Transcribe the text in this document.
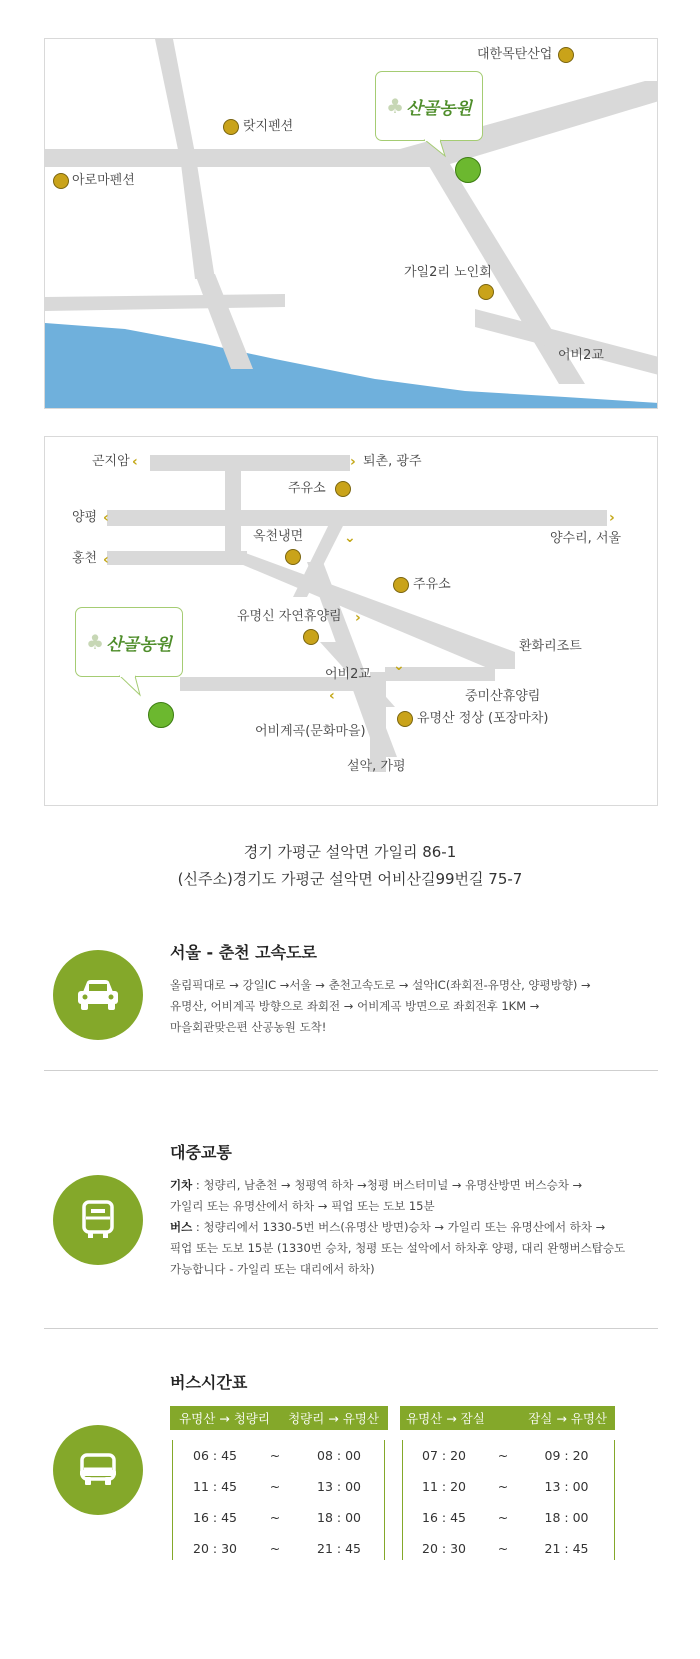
대한목탄산업
랏지펜션
아로마펜션
가일2리 노인회
어비2교
♣ 산골농원
곤지암 ‹	› 퇴촌, 광주
주유소
양평 ‹	›
양수리, 서울
옥천냉면	⌄
홍천 ‹
주유소
유명신 자연휴양림 ›
환화리조트
어비2교
⌄
중미산휴양림
‹
유명산 정상 (포장마차)
어비계곡(문화마을)
설악, 가평
♣ 산골농원
경기 가평군 설악면 가일리 86-1
(신주소)경기도 가평군 설악면 어비산길99번길 75-7
서울 - 춘천 고속도로
올림픽대로 → 강일IC →서울 → 춘천고속도로 → 설악IC(좌회전-유명산, 양평방향) →
유명산, 어비계곡 방향으로 좌회전 → 어비계곡 방면으로 좌회전후 1KM →
마을회관맞은편 산공농원 도착!
대중교통
기차 : 청량리, 남춘천 → 청평역 하차 →청평 버스터미널 → 유명산방면 버스승차 →
가일리 또는 유명산에서 하차 → 픽업 또는 도보 15분
버스 : 청량리에서 1330-5번 버스(유명산 방면)승차 → 가일리 또는 유명산에서 하차 →
픽업 또는 도보 15분 (1330번 승차, 청평 또는 설악에서 하차후 양평, 대리 완행버스탑승도
가능합니다 - 가일리 또는 대리에서 하차)
버스시간표
유명산 → 청량리	청량리 → 유명산
06 : 45	~	08 : 00
11 : 45	~	13 : 00
16 : 45	~	18 : 00
20 : 30	~	21 : 45
유명산 → 잠실	잠실 → 유명산
07 : 20	~	09 : 20
11 : 20	~	13 : 00
16 : 45	~	18 : 00
20 : 30	~	21 : 45
